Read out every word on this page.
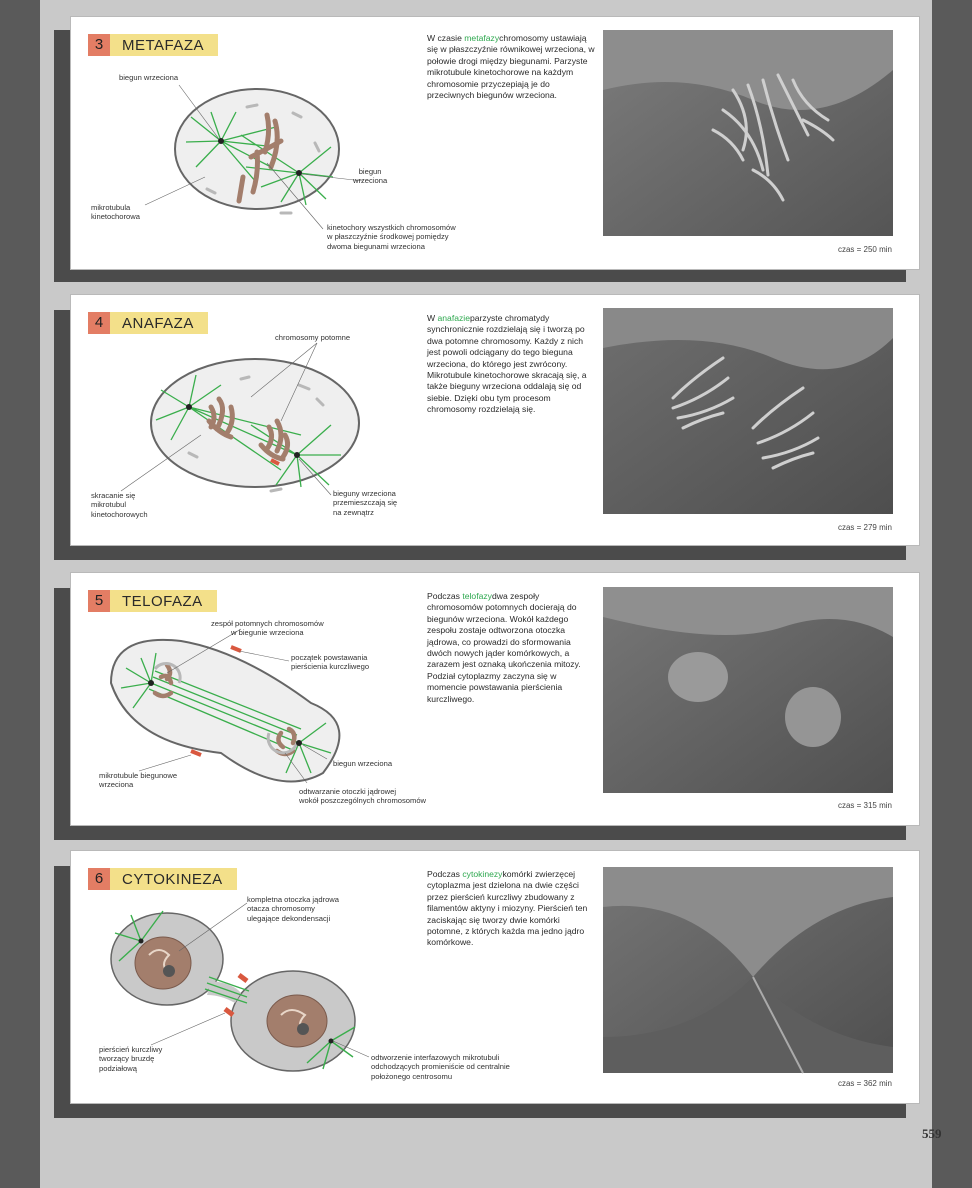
559
3	METAFAZA
biegun wrzeciona
biegun
wrzeciona
mikrotubula
kinetochorowa
kinetochory wszystkich chromosomów
w płaszczyźnie środkowej pomiędzy
dwoma biegunami wrzeciona

W czasie metafazychromosomy ustawiają się w płaszczyźnie równikowej wrzeciona, w połowie drogi między biegunami. Parzyste mikrotubule kinetochorowe na każdym chromosomie przyczepiają je do przeciwnych biegunów wrzeciona.

czas = 250 min
4	ANAFAZA
chromosomy potomne
skracanie się
mikrotubul
kinetochorowych
bieguny wrzeciona
przemieszczają się
na zewnątrz

W anafazieparzyste chromatydy synchronicznie rozdzielają się i tworzą po dwa potomne chromosomy. Każdy z nich jest powoli odciągany do tego bieguna wrzeciona, do którego jest zwrócony. Mikrotubule kinetochorowe skracają się, a także bieguny wrzeciona oddalają się od siebie. Dzięki obu tym procesom chromosomy rozdzielają się.

czas = 279 min
5	TELOFAZA
zespół potomnych chromosomów
w biegunie wrzeciona
początek powstawania
pierścienia kurczliwego
biegun wrzeciona
mikrotubule biegunowe
wrzeciona
odtwarzanie otoczki jądrowej
wokół poszczególnych chromosomów

Podczas telofazydwa zespoły chromosomów potomnych docierają do biegunów wrzeciona. Wokół każdego zespołu zostaje odtworzona otoczka jądrowa, co prowadzi do sformowania dwóch nowych jąder komórkowych, a zarazem jest oznaką ukończenia mitozy. Podział cytoplazmy zaczyna się w momencie powstawania pierścienia kurczliwego.

czas = 315 min
6	CYTOKINEZA
kompletna otoczka jądrowa
otacza chromosomy
ulegające dekondensacji
pierścień kurczliwy
tworzący bruzdę
podziałową
odtworzenie interfazowych mikrotubuli
odchodzących promieniście od centralnie
położonego centrosomu

Podczas cytokinezykomórki zwierzęcej cytoplazma jest dzielona na dwie części przez pierścień kurczliwy zbudowany z filamentów aktyny i miozyny. Pierścień ten zaciskając się tworzy dwie komórki potomne, z których każda ma jedno jądro komórkowe.

czas = 362 min
